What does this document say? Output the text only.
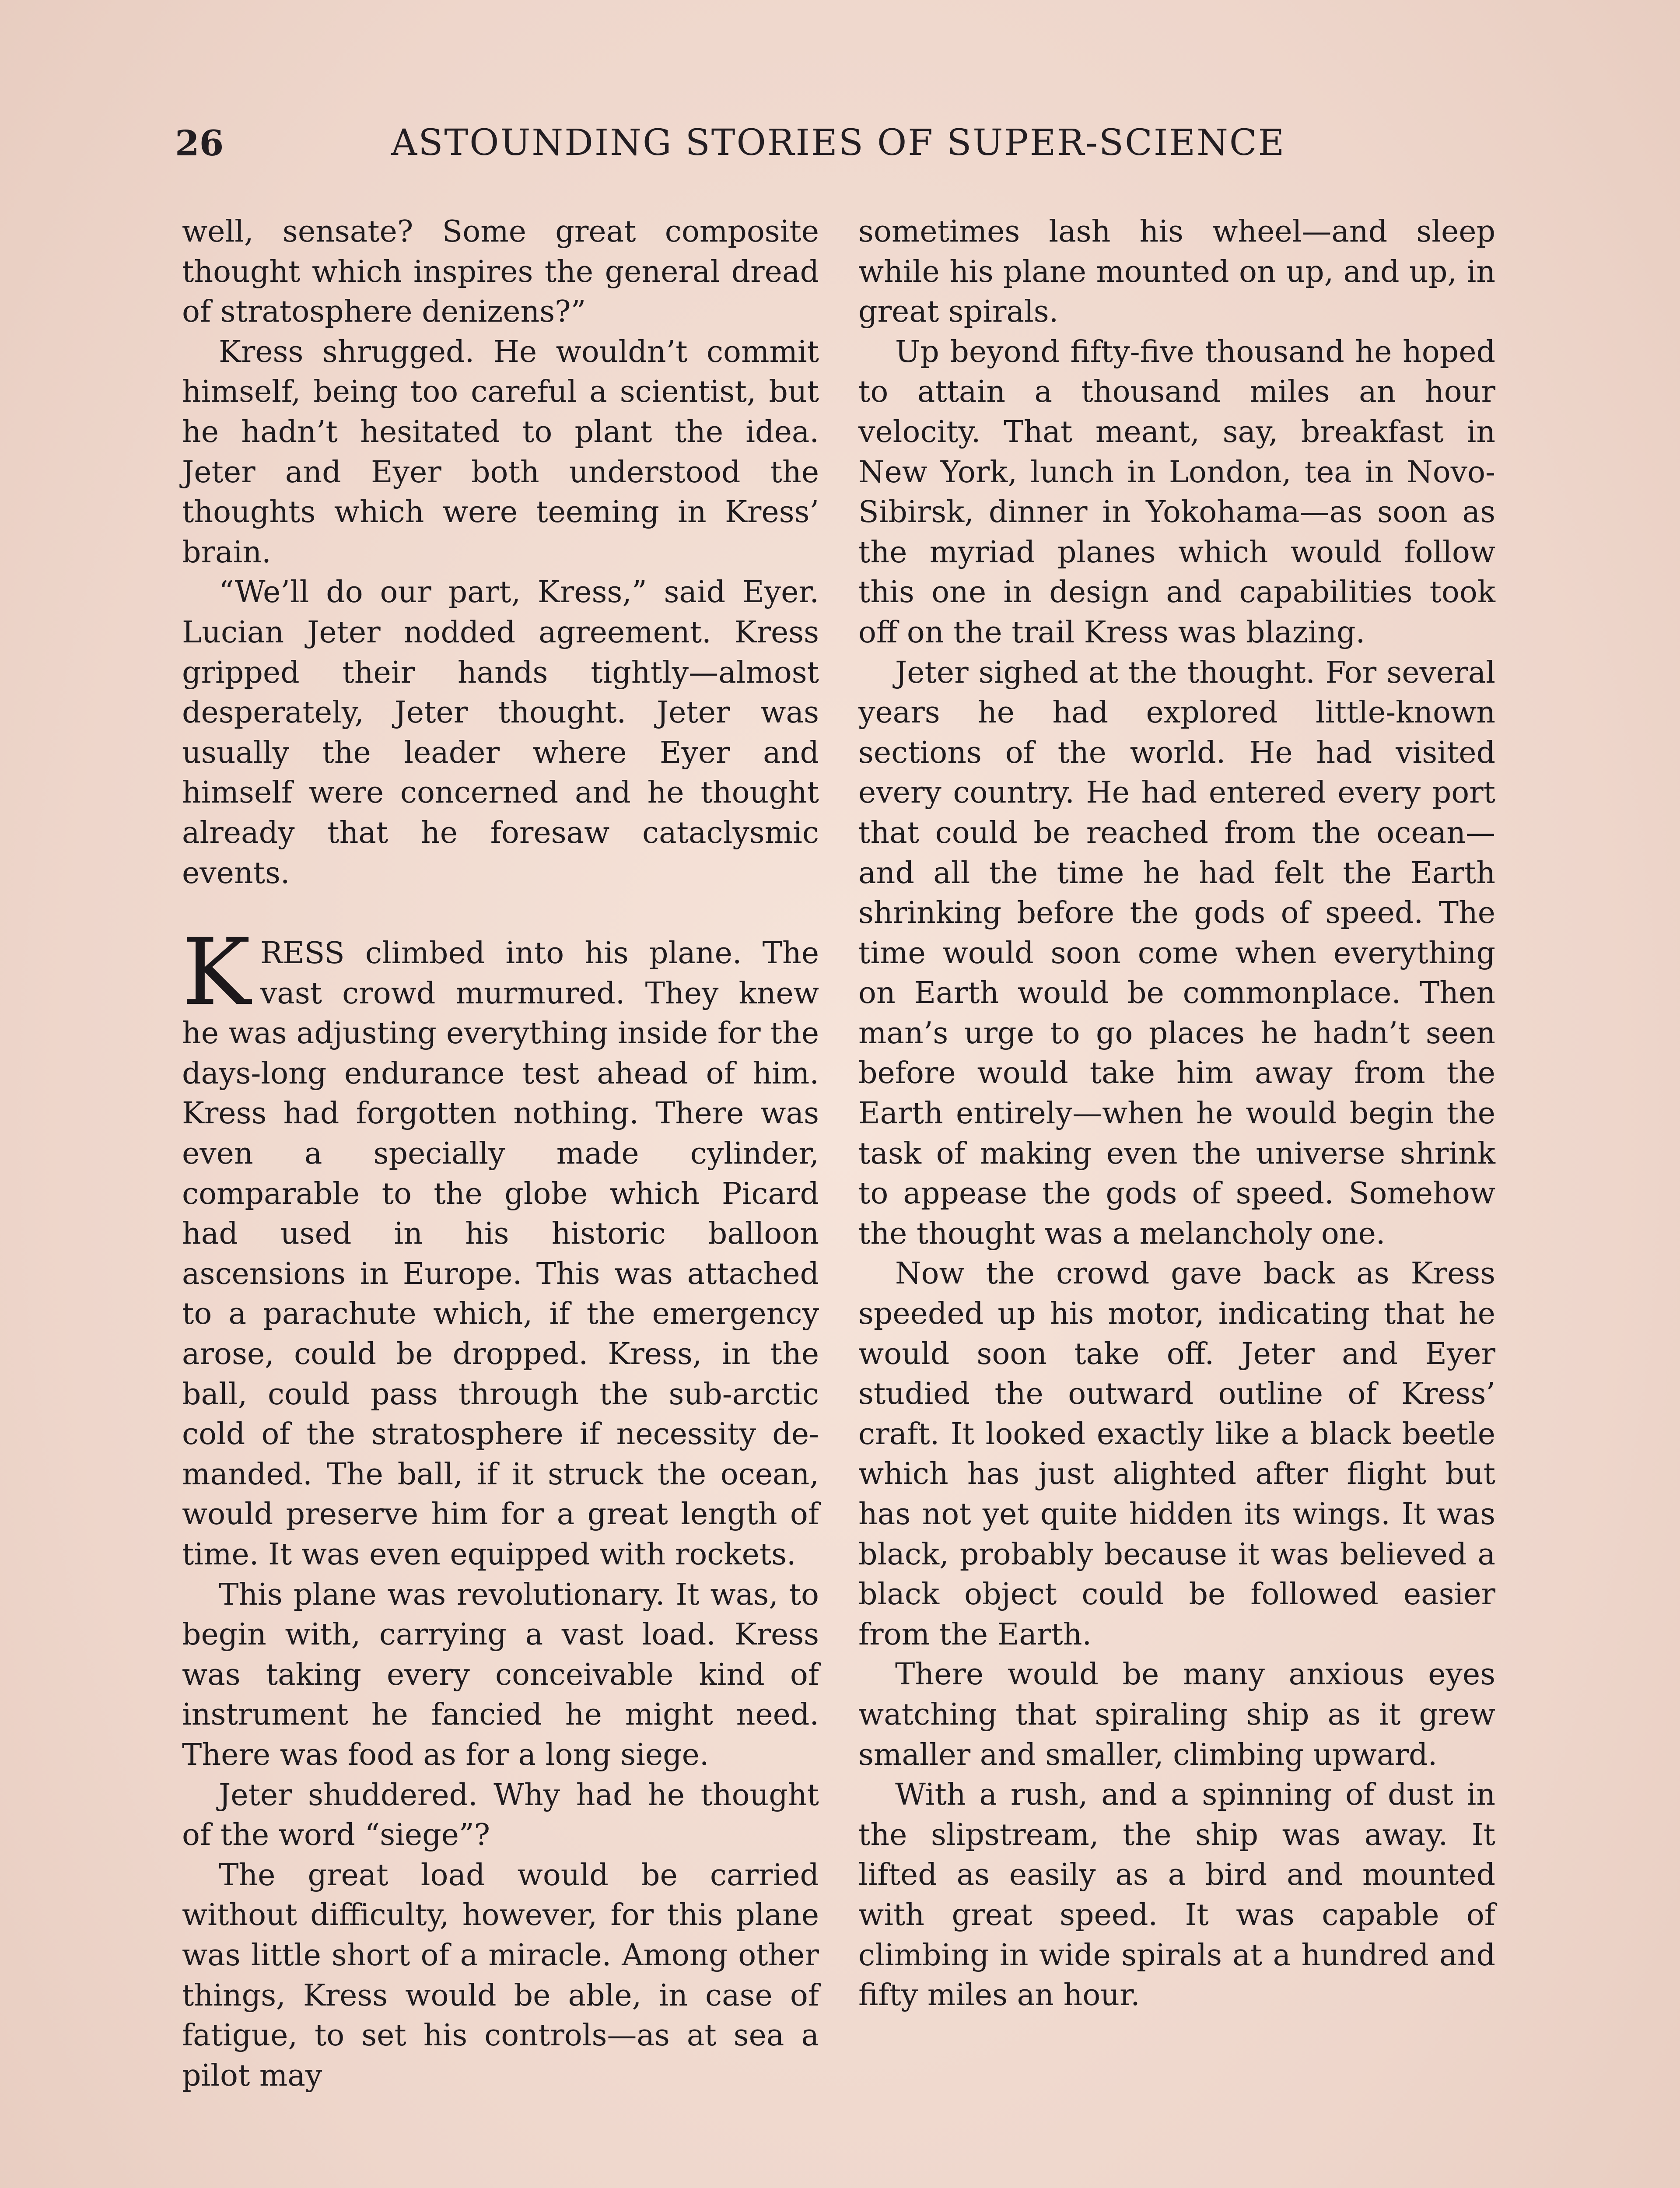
26	ASTOUNDING STORIES OF SUPER-SCIENCE

well, sensate? Some great composite thought which inspires the general dread of stratosphere denizens?”

Kress shrugged. He wouldn’t commit himself, being too careful a scientist, but he hadn’t hesitated to plant the idea. Jeter and Eyer both understood the thoughts which were teeming in Kress’ brain.

“We’ll do our part, Kress,” said Eyer. Lucian Jeter nodded agreement. Kress gripped their hands tightly—almost desperately, Jeter thought. Jeter was usually the leader where Eyer and himself were concerned and he thought already that he foresaw cataclysmic events.

KRESS climbed into his plane. The vast crowd murmured. They knew he was adjusting everything inside for the days-long endurance test ahead of him. Kress had forgotten nothing. There was even a specially made cylinder, comparable to the globe which Picard had used in his historic balloon ascensions in Europe. This was attached to a parachute which, if the emergency arose, could be dropped. Kress, in the ball, could pass through the sub-arctic cold of the stratosphere if necessity demanded. The ball, if it struck the ocean, would preserve him for a great length of time. It was even equipped with rockets.

This plane was revolutionary. It was, to begin with, carrying a vast load. Kress was taking every conceivable kind of instrument he fancied he might need. There was food as for a long siege.

Jeter shuddered. Why had he thought of the word “siege”?

The great load would be carried without difficulty, however, for this plane was little short of a miracle. Among other things, Kress would be able, in case of fatigue, to set his controls—as at sea a pilot may

sometimes lash his wheel—and sleep while his plane mounted on up, and up, in great spirals.

Up beyond fifty-five thousand he hoped to attain a thousand miles an hour velocity. That meant, say, breakfast in New York, lunch in London, tea in Novo-Sibirsk, dinner in Yokohama—as soon as the myriad planes which would follow this one in design and capabilities took off on the trail Kress was blazing.

Jeter sighed at the thought. For several years he had explored little-known sections of the world. He had visited every country. He had entered every port that could be reached from the ocean—and all the time he had felt the Earth shrinking before the gods of speed. The time would soon come when everything on Earth would be commonplace. Then man’s urge to go places he hadn’t seen before would take him away from the Earth entirely—when he would begin the task of making even the universe shrink to appease the gods of speed. Somehow the thought was a melancholy one.

Now the crowd gave back as Kress speeded up his motor, indicating that he would soon take off. Jeter and Eyer studied the outward outline of Kress’ craft. It looked exactly like a black beetle which has just alighted after flight but has not yet quite hidden its wings. It was black, probably because it was believed a black object could be followed easier from the Earth.

There would be many anxious eyes watching that spiraling ship as it grew smaller and smaller, climbing upward.

With a rush, and a spinning of dust in the slipstream, the ship was away. It lifted as easily as a bird and mounted with great speed. It was capable of climbing in wide spirals at a hundred and fifty miles an hour.
